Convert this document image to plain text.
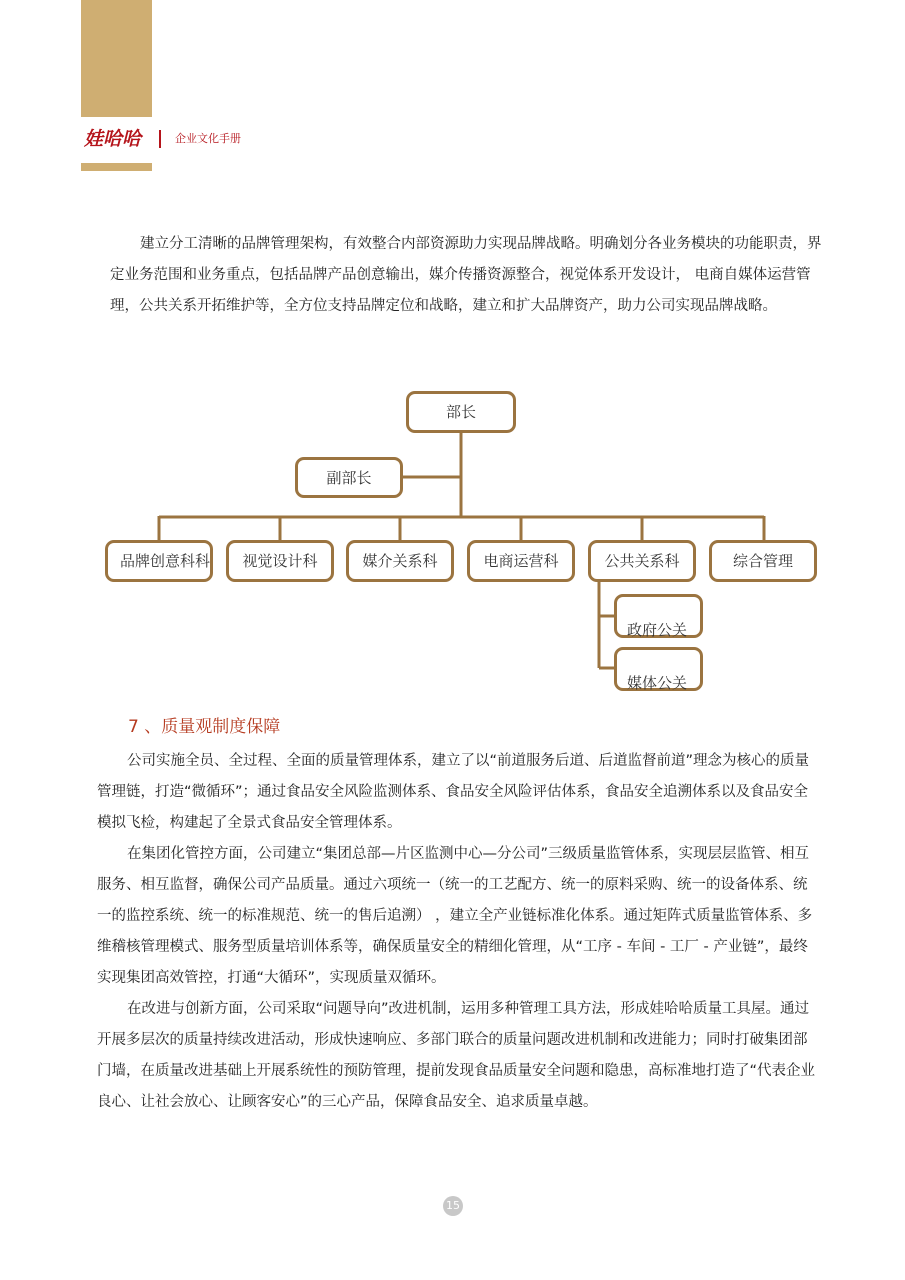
娃哈哈	企业文化手册

建立分工清晰的品牌管理架构，有效整合内部资源助力实现品牌战略。明确划分各业务模块的功能职责，界定业务范围和业务重点，包括品牌产品创意输出，媒介传播资源整合，视觉体系开发设计， 电商自媒体运营管理，公共关系开拓维护等，全方位支持品牌定位和战略，建立和扩大品牌资产，助力公司实现品牌战略。

部长
副部长
品牌创意科科	视觉设计科	媒介关系科	电商运营科	公共关系科	综合管理
政府公关
媒体公关
7 、质量观制度保障

公司实施全员、全过程、全面的质量管理体系，建立了以“前道服务后道、后道监督前道”理念为核心的质量管理链，打造“微循环”；通过食品安全风险监测体系、食品安全风险评估体系，食品安全追溯体系以及食品安全模拟飞检，构建起了全景式食品安全管理体系。

在集团化管控方面，公司建立“集团总部—片区监测中心—分公司”三级质量监管体系，实现层层监管、相互服务、相互监督，确保公司产品质量。通过六项统一（统一的工艺配方、统一的原料采购、统一的设备体系、统一的监控系统、统一的标准规范、统一的售后追溯） ，建立全产业链标准化体系。通过矩阵式质量监管体系、多维稽核管理模式、服务型质量培训体系等，确保质量安全的精细化管理，从“工序 - 车间 - 工厂 - 产业链”，最终实现集团高效管控，打通“大循环”，实现质量双循环。

在改进与创新方面，公司采取“问题导向”改进机制，运用多种管理工具方法，形成娃哈哈质量工具屋。通过开展多层次的质量持续改进活动，形成快速响应、多部门联合的质量问题改进机制和改进能力；同时打破集团部门墙，在质量改进基础上开展系统性的预防管理，提前发现食品质量安全问题和隐患，高标准地打造了“代表企业良心、让社会放心、让顾客安心”的三心产品，保障食品安全、追求质量卓越。

15
